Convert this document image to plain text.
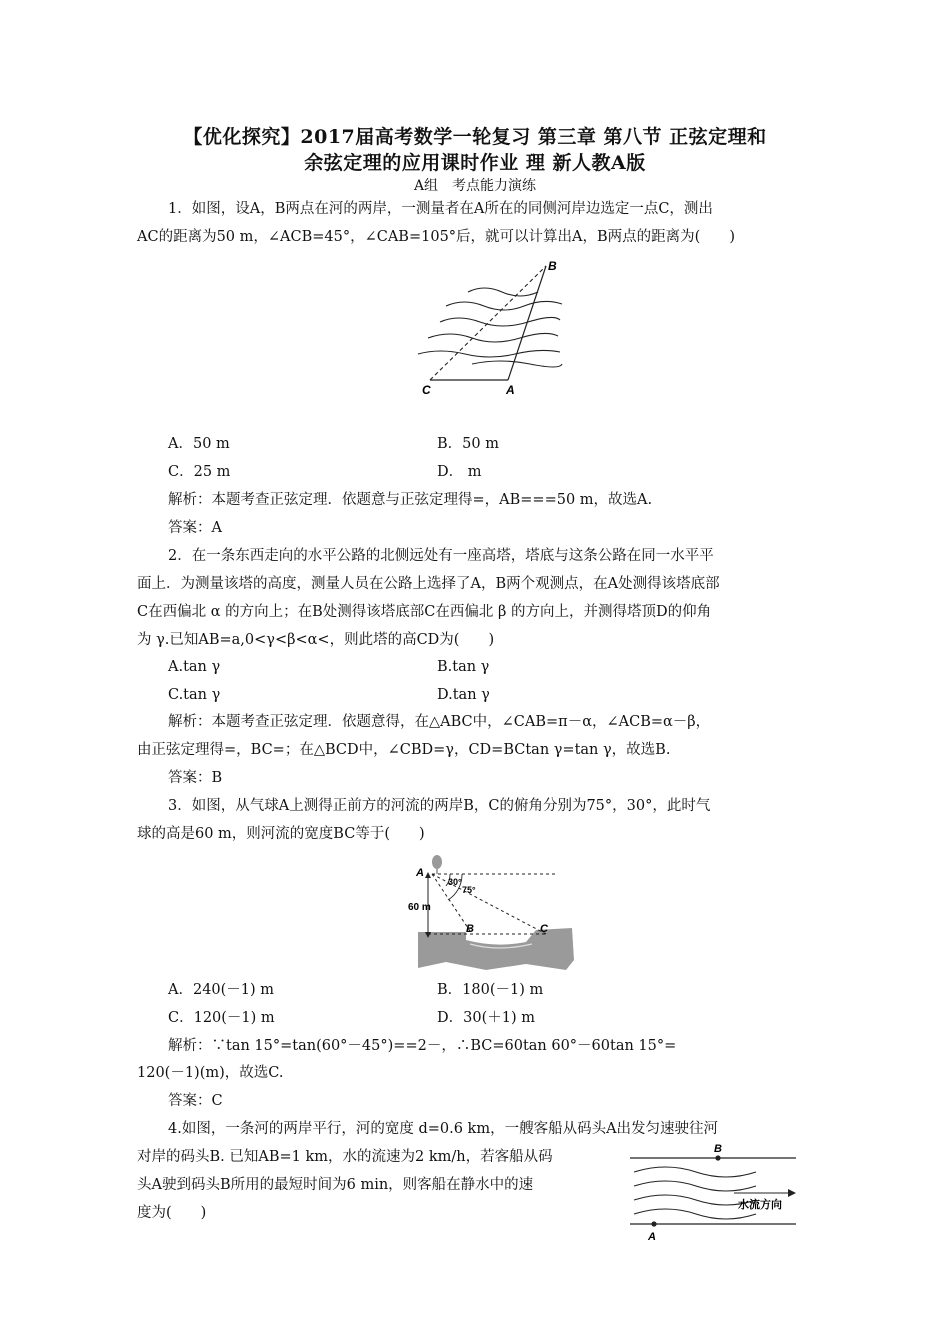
【优化探究】2017届高考数学一轮复习 第三章 第八节 正弦定理和
余弦定理的应用课时作业 理 新人教A版
A组　考点能力演练
1．如图，设A，B两点在河的两岸，一测量者在A所在的同侧河岸边选定一点C，测出
AC的距离为50 m，∠ACB=45°，∠CAB=105°后，就可以计算出A，B两点的距离为(　　)
B
A
C
A．50 m	B．50 m
C．25 m	D． m
解析：本题考查正弦定理．依题意与正弦定理得=，AB===50 m，故选A.
答案：A
2．在一条东西走向的水平公路的北侧远处有一座高塔，塔底与这条公路在同一水平平
面上．为测量该塔的高度，测量人员在公路上选择了A，B两个观测点，在A处测得该塔底部
C在西偏北 α 的方向上；在B处测得该塔底部C在西偏北 β 的方向上，并测得塔顶D的仰角
为 γ.已知AB=a,0<γ<β<α<，则此塔的高CD为(　　)
A.tan γ	B.tan γ
C.tan γ	D.tan γ
解析：本题考查正弦定理．依题意得，在△ABC中，∠CAB=π－α，∠ACB=α－β，
由正弦定理得=，BC=；在△BCD中，∠CBD=γ，CD=BCtan γ=tan γ，故选B.
答案：B
3．如图，从气球A上测得正前方的河流的两岸B，C的俯角分别为75°，30°，此时气
球的高是60 m，则河流的宽度BC等于(　　)
A
60 m
30°
75°
B	C
A．240(－1) m	B．180(－1) m
C．120(－1) m	D．30(＋1) m
解析：∵tan 15°=tan(60°－45°)==2－，∴BC=60tan 60°－60tan 15°=
120(－1)(m)，故选C.
答案：C
4.如图，一条河的两岸平行，河的宽度 d=0.6 km，一艘客船从码头A出发匀速驶往河
对岸的码头B. 已知AB=1 km，水的流速为2 km/h，若客船从码
头A驶到码头B所用的最短时间为6 min，则客船在静水中的速
度为(　　)
B
A
水流方向
